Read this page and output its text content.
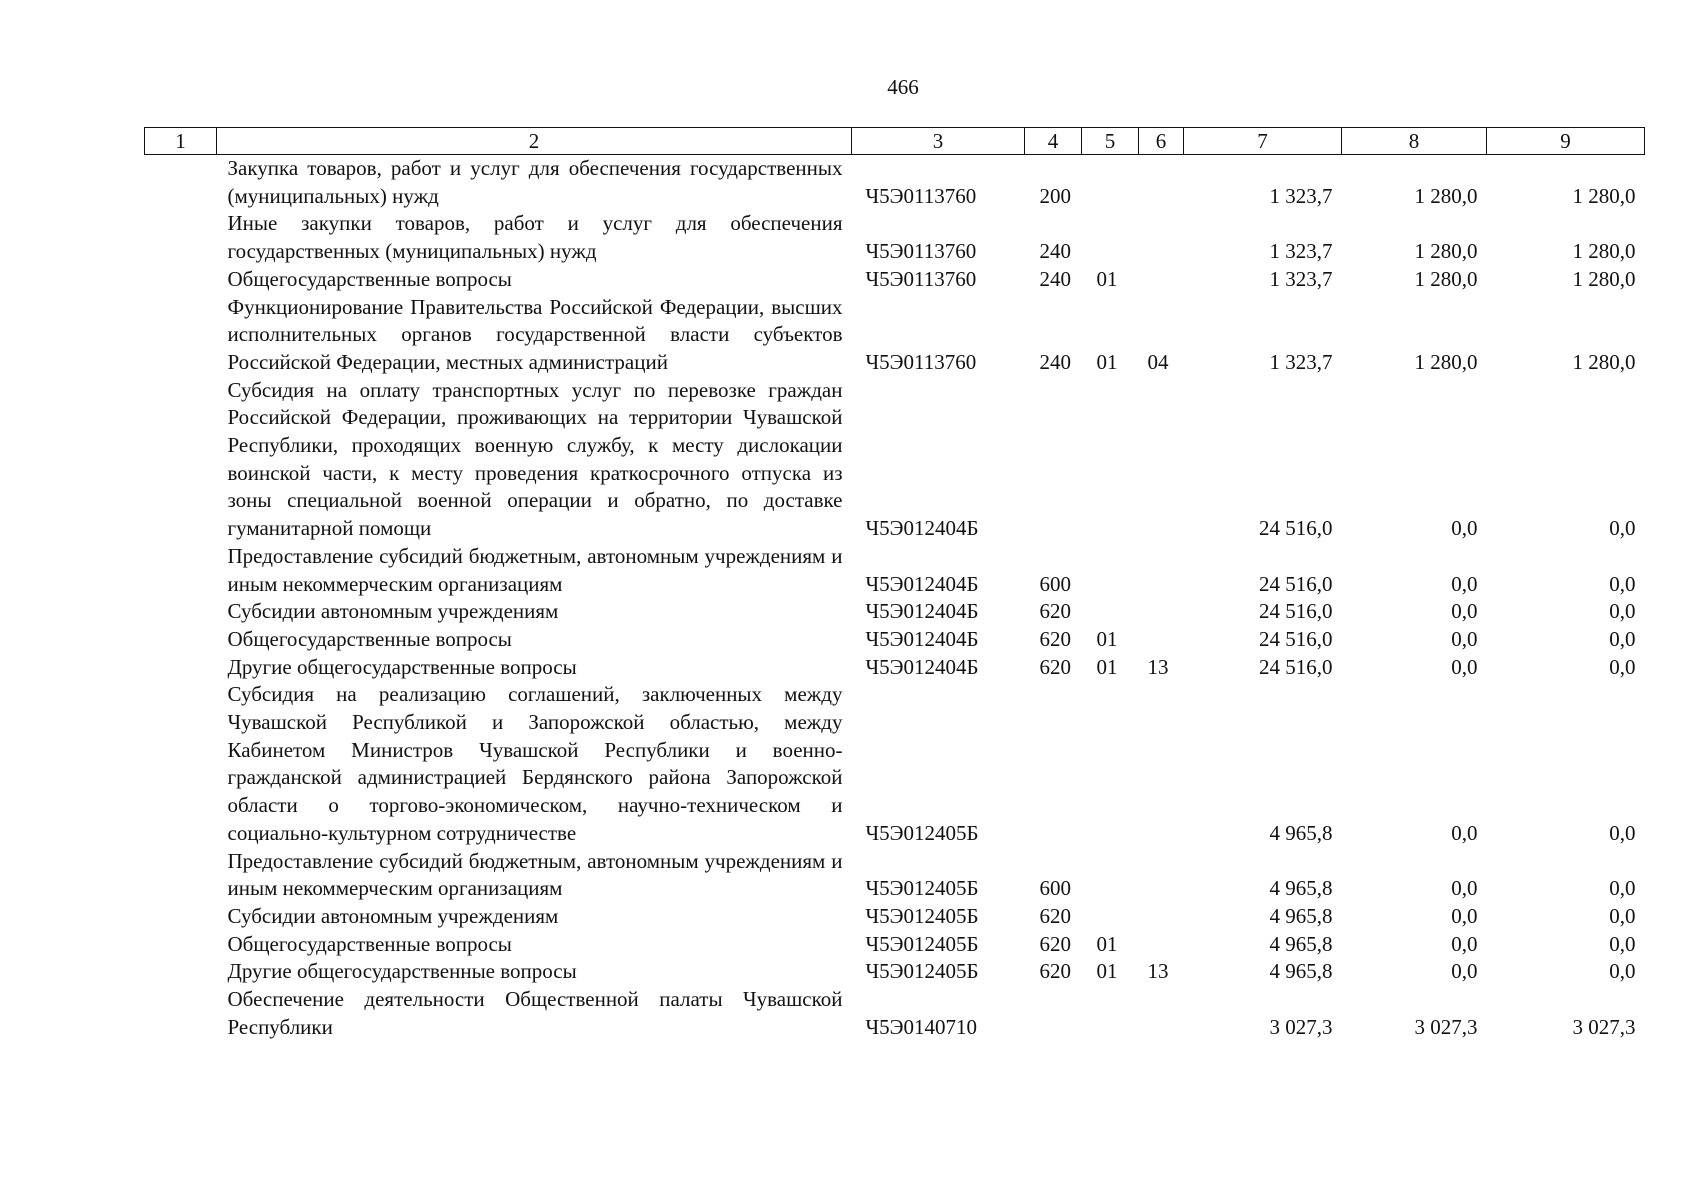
466
1	2	3	4	5	6	7	8	9
Закупка товаров, работ и услуг для обеспечения государственных (муниципальных) нужд		Ч5Э0113760	200			1 323,7	1 280,0	1 280,0
Иные закупки товаров, работ и услуг для обеспечения государственных (муниципальных) нужд		Ч5Э0113760	240			1 323,7	1 280,0	1 280,0
Общегосударственные вопросы		Ч5Э0113760	240	01		1 323,7	1 280,0	1 280,0
Функционирование Правительства Российской Федерации, высших исполнительных органов государственной власти субъектов Российской Федерации, местных администраций		Ч5Э0113760	240	01	04	1 323,7	1 280,0	1 280,0
Субсидия на оплату транспортных услуг по перевозке граждан Российской Федерации, проживающих на территории Чувашской Республики, проходящих военную службу, к месту дислокации воинской части, к месту проведения краткосрочного отпуска из зоны специальной военной операции и обратно, по доставке гуманитарной помощи		Ч5Э012404Б				24 516,0	0,0	0,0
Предоставление субсидий бюджетным, автономным учреждениям и иным некоммерческим организациям		Ч5Э012404Б	600			24 516,0	0,0	0,0
Субсидии автономным учреждениям		Ч5Э012404Б	620			24 516,0	0,0	0,0
Общегосударственные вопросы		Ч5Э012404Б	620	01		24 516,0	0,0	0,0
Другие общегосударственные вопросы		Ч5Э012404Б	620	01	13	24 516,0	0,0	0,0
Субсидия на реализацию соглашений, заключенных между Чувашской Республикой и Запорожской областью, между Кабинетом Министров Чувашской Республики и военно-гражданской администрацией Бердянского района Запорожской области о торгово-экономическом, научно-техническом и социально-культурном сотрудничестве		Ч5Э012405Б				4 965,8	0,0	0,0
Предоставление субсидий бюджетным, автономным учреждениям и иным некоммерческим организациям		Ч5Э012405Б	600			4 965,8	0,0	0,0
Субсидии автономным учреждениям		Ч5Э012405Б	620			4 965,8	0,0	0,0
Общегосударственные вопросы		Ч5Э012405Б	620	01		4 965,8	0,0	0,0
Другие общегосударственные вопросы		Ч5Э012405Б	620	01	13	4 965,8	0,0	0,0
Обеспечение деятельности Общественной палаты Чувашской Республики		Ч5Э0140710				3 027,3	3 027,3	3 027,3
